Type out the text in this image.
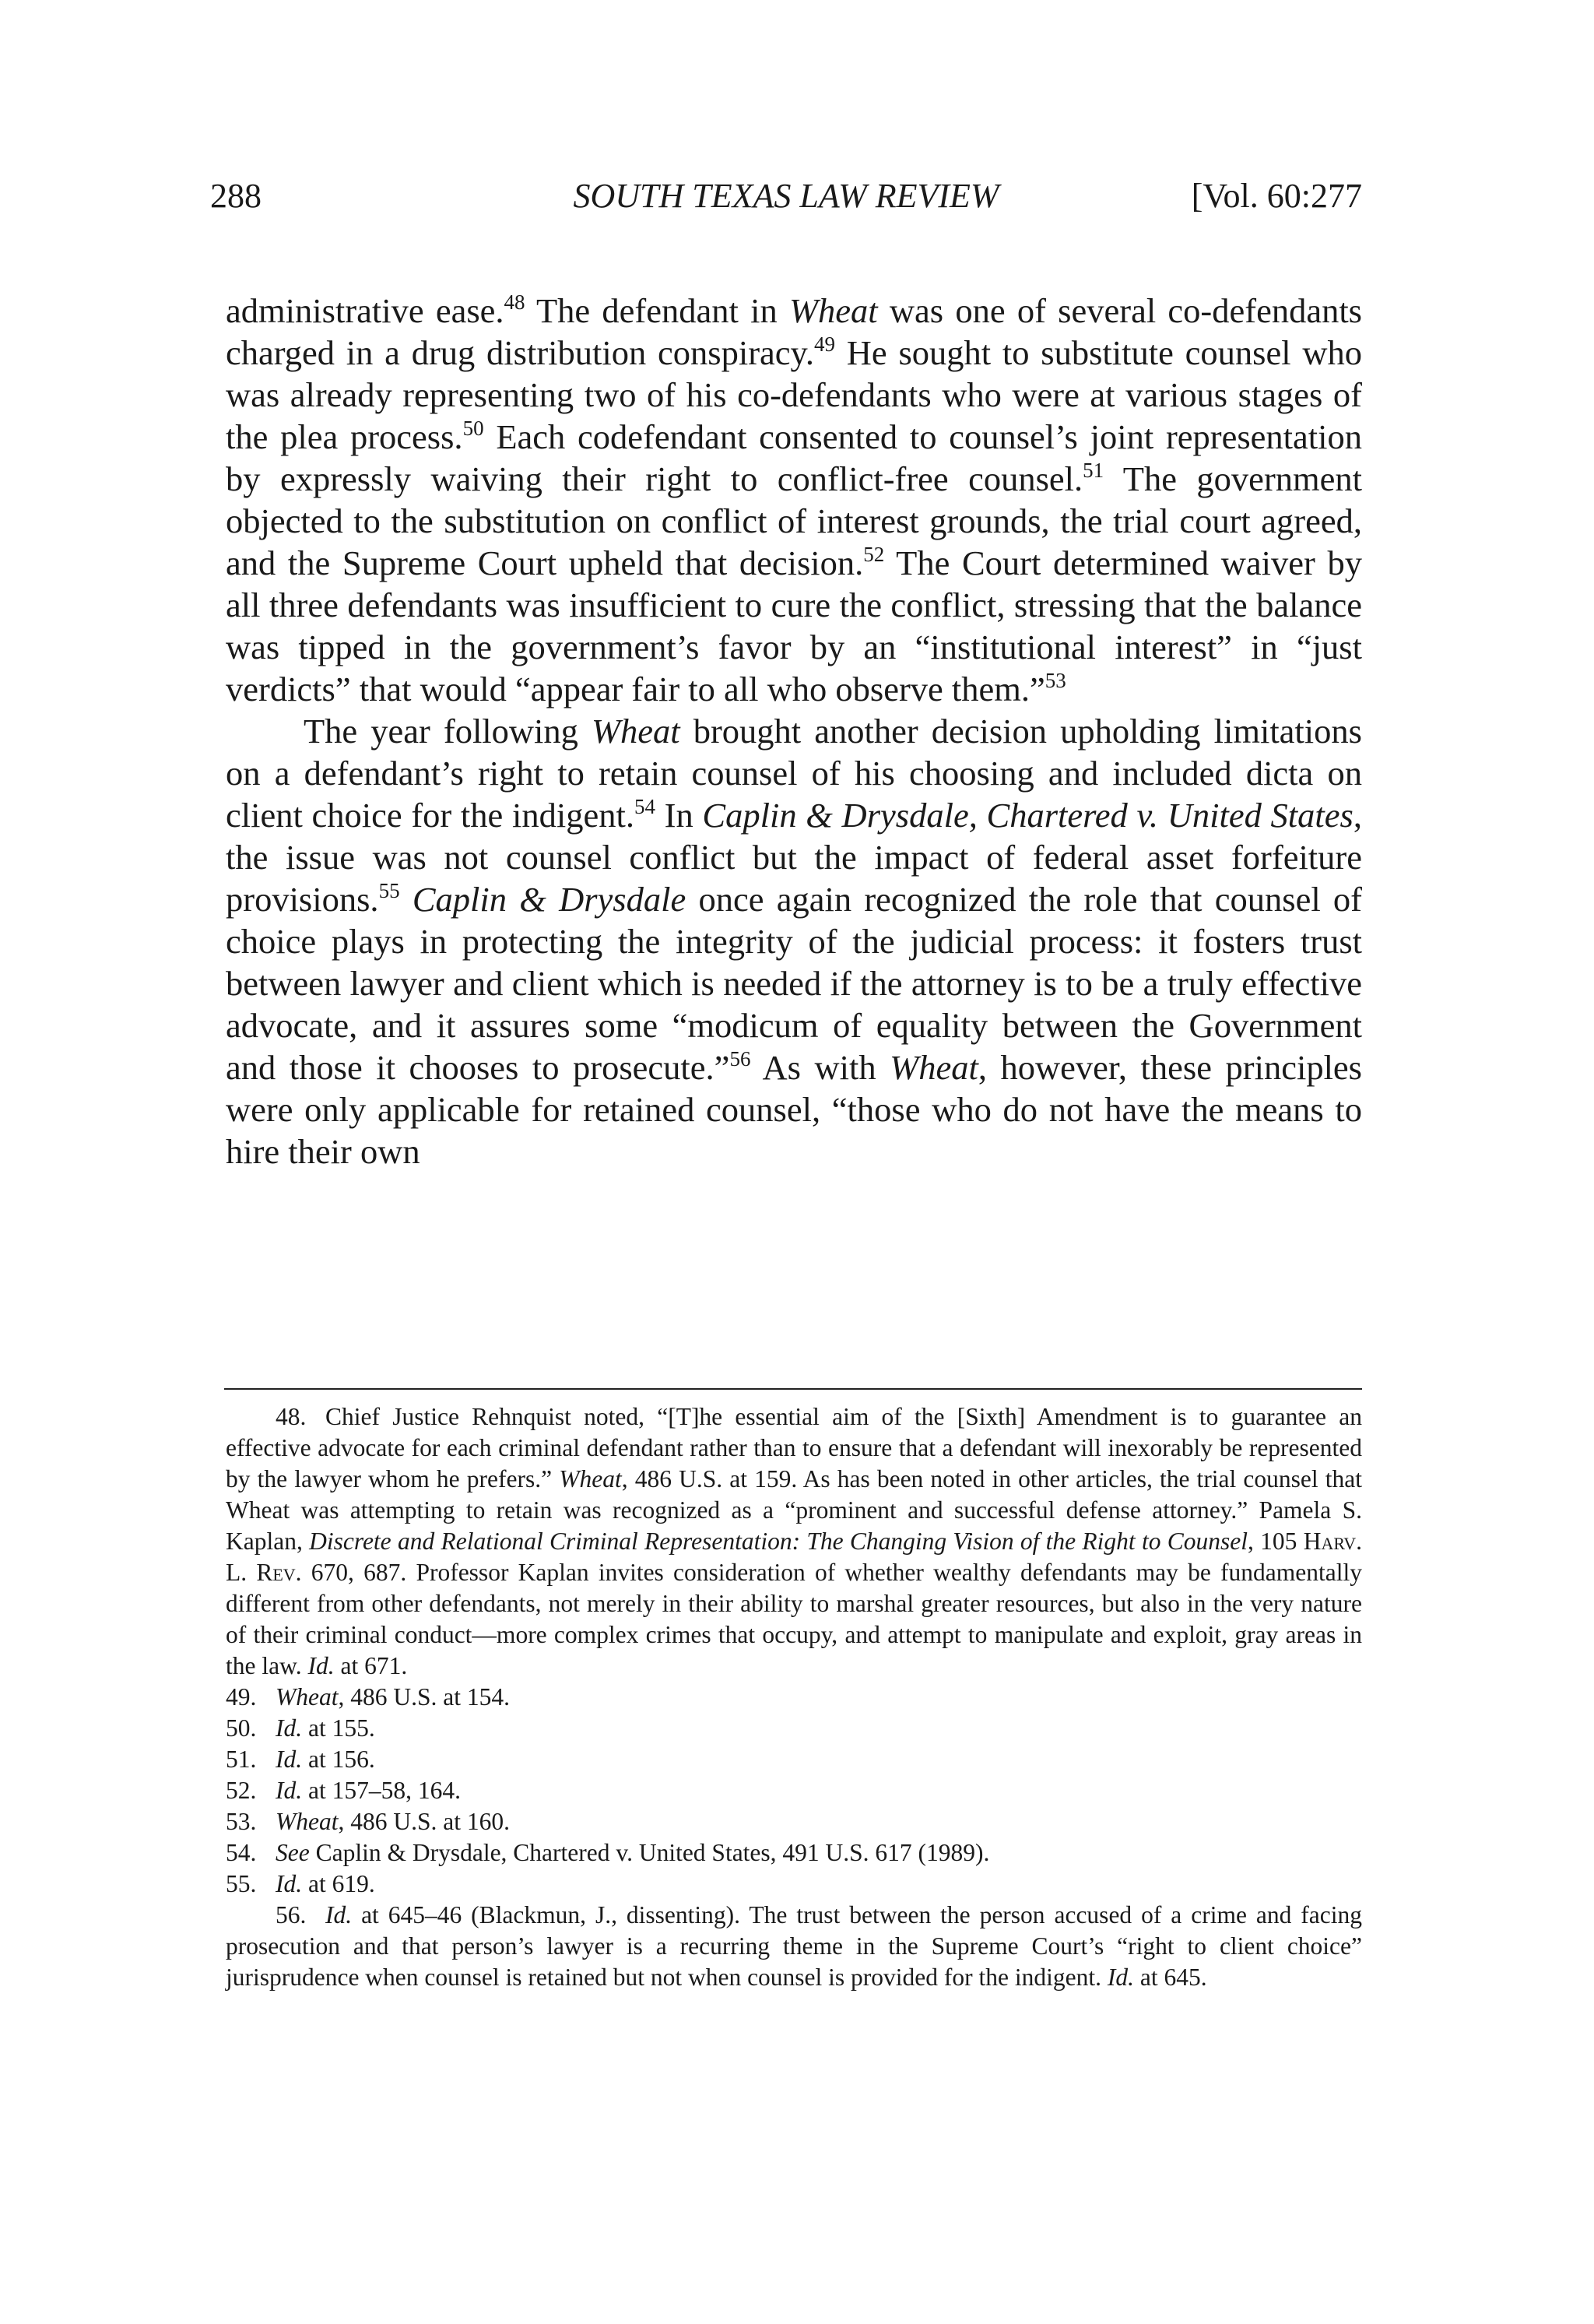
288	SOUTH TEXAS LAW REVIEW	[Vol. 60:277

administrative ease.$^{48}$ The defendant in Wheat was one of several co-defendants charged in a drug distribution conspiracy.$^{49}$ He sought to substitute counsel who was already representing two of his co-defendants who were at various stages of the plea process.$^{50}$ Each codefendant consented to counsel’s joint representation by expressly waiving their right to conflict-free counsel.$^{51}$ The government objected to the substitution on conflict of interest grounds, the trial court agreed, and the Supreme Court upheld that decision.$^{52}$ The Court determined waiver by all three defendants was insufficient to cure the conflict, stressing that the balance was tipped in the government’s favor by an “institutional interest” in “just verdicts” that would “appear fair to all who observe them.”$^{53}$

The year following Wheat brought another decision upholding limitations on a defendant’s right to retain counsel of his choosing and included dicta on client choice for the indigent.$^{54}$ In Caplin & Drysdale, Chartered v. United States, the issue was not counsel conflict but the impact of federal asset forfeiture provisions.$^{55}$ Caplin & Drysdale once again recognized the role that counsel of choice plays in protecting the integrity of the judicial process: it fosters trust between lawyer and client which is needed if the attorney is to be a truly effective advocate, and it assures some “modicum of equality between the Government and those it chooses to prosecute.”$^{56}$ As with Wheat, however, these principles were only applicable for retained counsel, “those who do not have the means to hire their own

48. Chief Justice Rehnquist noted, “[T]he essential aim of the [Sixth] Amendment is to guarantee an effective advocate for each criminal defendant rather than to ensure that a defendant will inexorably be represented by the lawyer whom he prefers.” Wheat, 486 U.S. at 159. As has been noted in other articles, the trial counsel that Wheat was attempting to retain was recognized as a “prominent and successful defense attorney.” Pamela S. Kaplan, Discrete and Relational Criminal Representation: The Changing Vision of the Right to Counsel, 105 Harv. L. Rev. 670, 687. Professor Kaplan invites consideration of whether wealthy defendants may be fundamentally different from other defendants, not merely in their ability to marshal greater resources, but also in the very nature of their criminal conduct—more complex crimes that occupy, and attempt to manipulate and exploit, gray areas in the law. Id. at 671.

49. Wheat, 486 U.S. at 154.

50. Id. at 155.

51. Id. at 156.

52. Id. at 157–58, 164.

53. Wheat, 486 U.S. at 160.

54. See Caplin & Drysdale, Chartered v. United States, 491 U.S. 617 (1989).

55. Id. at 619.

56. Id. at 645–46 (Blackmun, J., dissenting). The trust between the person accused of a crime and facing prosecution and that person’s lawyer is a recurring theme in the Supreme Court’s “right to client choice” jurisprudence when counsel is retained but not when counsel is provided for the indigent. Id. at 645.
